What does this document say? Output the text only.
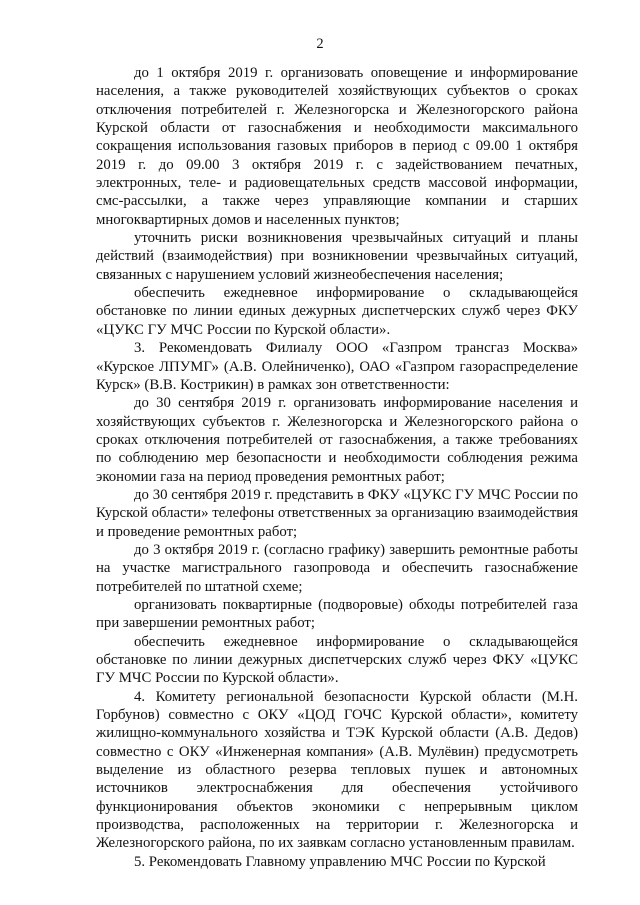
2

до 1 октября 2019 г. организовать оповещение и информирование населения, а также руководителей хозяйствующих субъектов о сроках отключения потребителей г. Железногорска и Железногорского района Курской области от газоснабжения и необходимости максимального сокращения использования газовых приборов в период с 09.00 1 октября 2019 г. до 09.00 3 октября 2019 г. с задействованием печатных, электронных, теле- и радиовещательных средств массовой информации, смс-рассылки, а также через управляющие компании и старших многоквартирных домов и населенных пунктов;

уточнить риски возникновения чрезвычайных ситуаций и планы действий (взаимодействия) при возникновении чрезвычайных ситуаций, связанных с нарушением условий жизнеобеспечения населения;

обеспечить ежедневное информирование о складывающейся обстановке по линии единых дежурных диспетчерских служб через ФКУ «ЦУКС ГУ МЧС России по Курской области».

3. Рекомендовать Филиалу ООО «Газпром трансгаз Москва» «Курское ЛПУМГ» (А.В. Олейниченко), ОАО «Газпром газораспределение Курск» (В.В. Кострикин) в рамках зон ответственности:

до 30 сентября 2019 г. организовать информирование населения и хозяйствующих субъектов г. Железногорска и Железногорского района о сроках отключения потребителей от газоснабжения, а также требованиях по соблюдению мер безопасности и необходимости соблюдения режима экономии газа на период проведения ремонтных работ;

до 30 сентября 2019 г. представить в ФКУ «ЦУКС ГУ МЧС России по Курской области» телефоны ответственных за организацию взаимодействия и проведение ремонтных работ;

до 3 октября 2019 г. (согласно графику) завершить ремонтные работы на участке магистрального газопровода и обеспечить газоснабжение потребителей по штатной схеме;

организовать поквартирные (подворовые) обходы потребителей газа при завершении ремонтных работ;

обеспечить ежедневное информирование о складывающейся обстановке по линии дежурных диспетчерских служб через ФКУ «ЦУКС ГУ МЧС России по Курской области».

4. Комитету региональной безопасности Курской области (М.Н. Горбунов) совместно с ОКУ «ЦОД ГОЧС Курской области», комитету жилищно-коммунального хозяйства и ТЭК Курской области (А.В. Дедов) совместно с ОКУ «Инженерная компания» (А.В. Мулёвин) предусмотреть выделение из областного резерва тепловых пушек и автономных источников электроснабжения для обеспечения устойчивого функционирования объектов экономики с непрерывным циклом производства, расположенных на территории г. Железногорска и Железногорского района, по их заявкам согласно установленным правилам.

5. Рекомендовать Главному управлению МЧС России по Курской
